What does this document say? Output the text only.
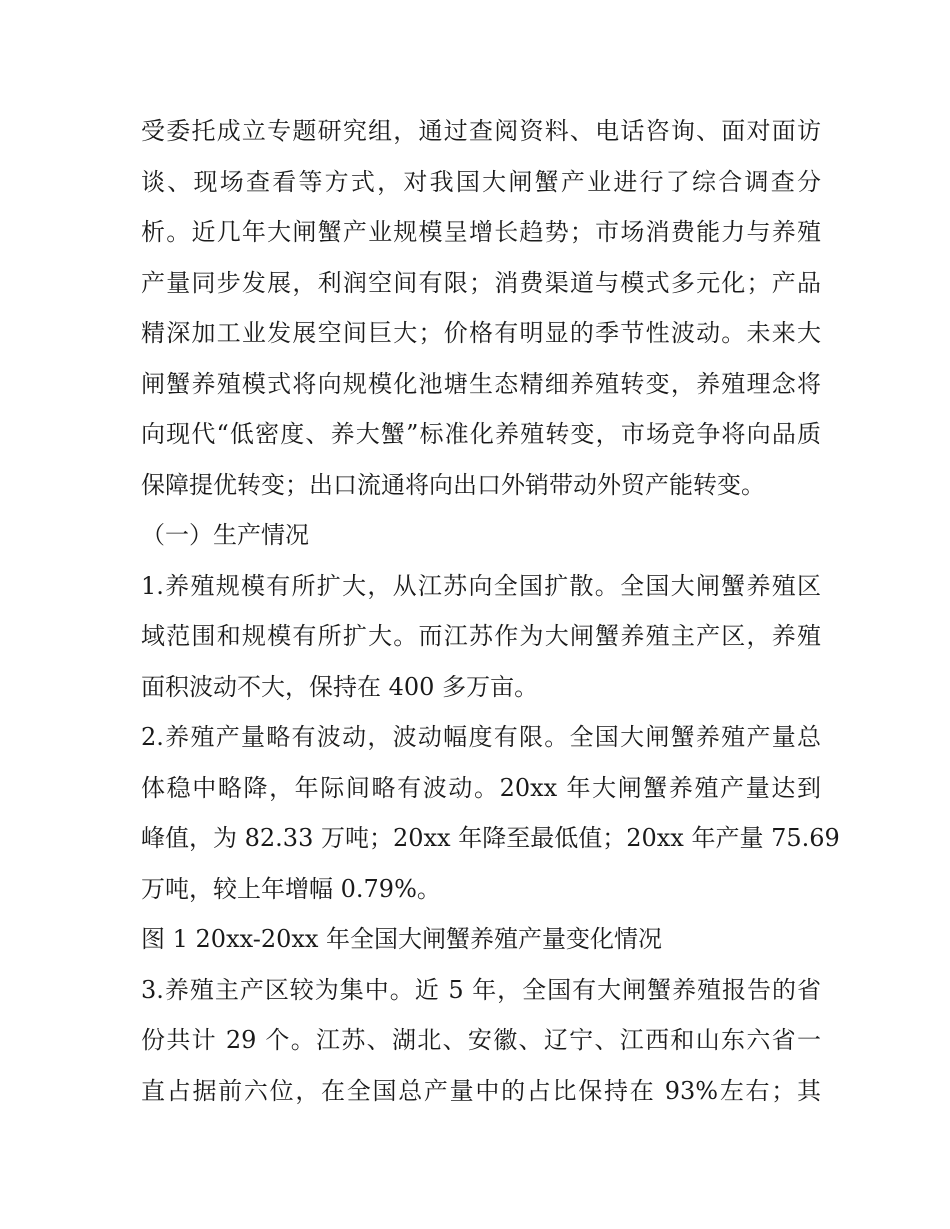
受委托成立专题研究组，通过查阅资料、电话咨询、面对面访
谈、现场查看等方式，对我国大闸蟹产业进行了综合调查分
析。近几年大闸蟹产业规模呈增长趋势；市场消费能力与养殖
产量同步发展，利润空间有限；消费渠道与模式多元化；产品
精深加工业发展空间巨大；价格有明显的季节性波动。未来大
闸蟹养殖模式将向规模化池塘生态精细养殖转变，养殖理念将
向现代“低密度、养大蟹”标准化养殖转变，市场竞争将向品质
保障提优转变；出口流通将向出口外销带动外贸产能转变。
（一）生产情况
1.养殖规模有所扩大，从江苏向全国扩散。全国大闸蟹养殖区
域范围和规模有所扩大。而江苏作为大闸蟹养殖主产区，养殖
面积波动不大，保持在 400 多万亩。
2.养殖产量略有波动，波动幅度有限。全国大闸蟹养殖产量总
体稳中略降，年际间略有波动。20xx 年大闸蟹养殖产量达到
峰值，为 82.33 万吨；20xx 年降至最低值；20xx 年产量 75.69
万吨，较上年增幅 0.79%。
图 1 20xx-20xx 年全国大闸蟹养殖产量变化情况
3.养殖主产区较为集中。近 5 年，全国有大闸蟹养殖报告的省
份共计 29 个。江苏、湖北、安徽、辽宁、江西和山东六省一
直占据前六位，在全国总产量中的占比保持在 93%左右；其
